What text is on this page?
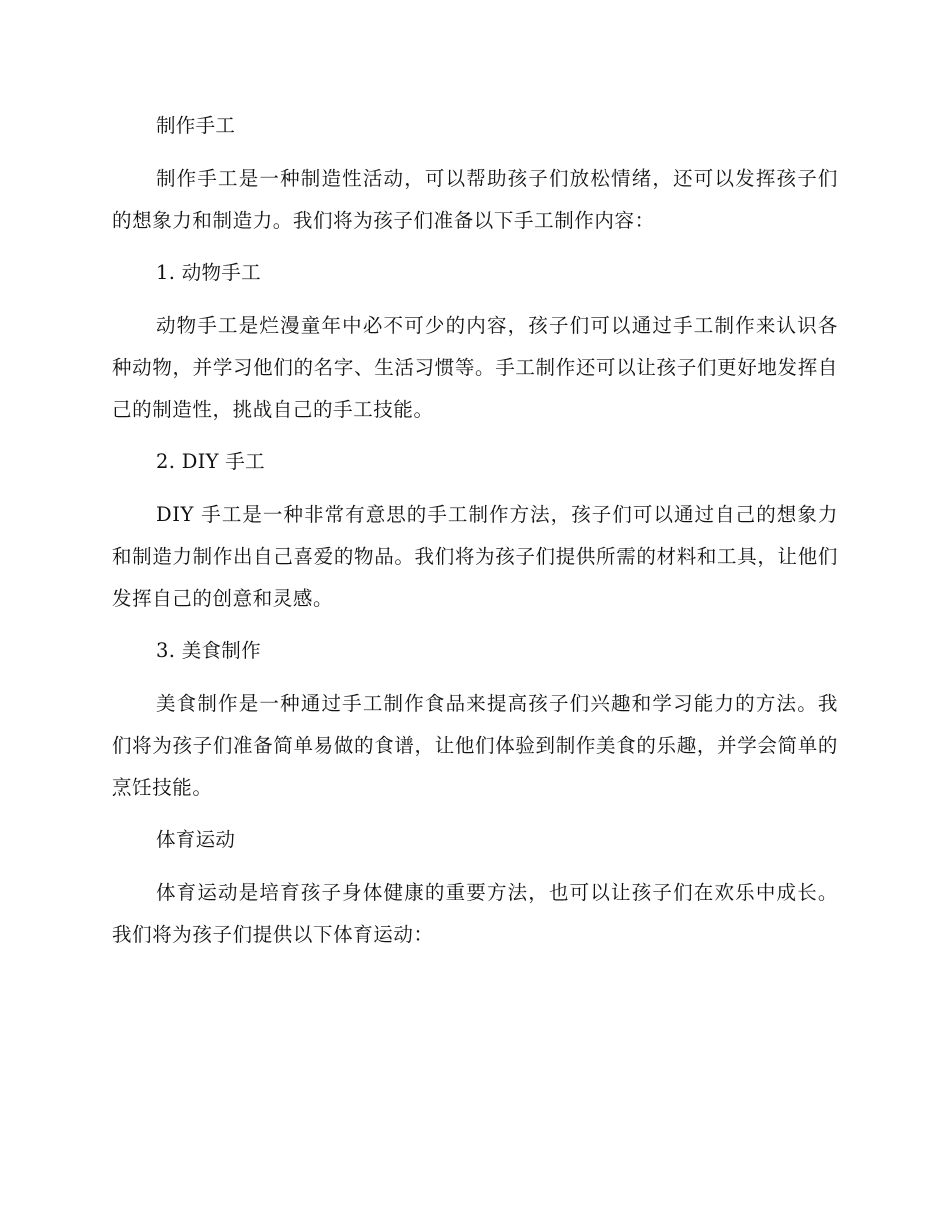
制作手工

制作手工是一种制造性活动，可以帮助孩子们放松情绪，还可以发挥孩子们的想象力和制造力。我们将为孩子们准备以下手工制作内容：

1. 动物手工

动物手工是烂漫童年中必不可少的内容，孩子们可以通过手工制作来认识各种动物，并学习他们的名字、生活习惯等。手工制作还可以让孩子们更好地发挥自己的制造性，挑战自己的手工技能。

2. DIY 手工

DIY 手工是一种非常有意思的手工制作方法，孩子们可以通过自己的想象力和制造力制作出自己喜爱的物品。我们将为孩子们提供所需的材料和工具，让他们发挥自己的创意和灵感。

3. 美食制作

美食制作是一种通过手工制作食品来提高孩子们兴趣和学习能力的方法。我们将为孩子们准备简单易做的食谱，让他们体验到制作美食的乐趣，并学会简单的烹饪技能。

体育运动

体育运动是培育孩子身体健康的重要方法，也可以让孩子们在欢乐中成长。我们将为孩子们提供以下体育运动：
